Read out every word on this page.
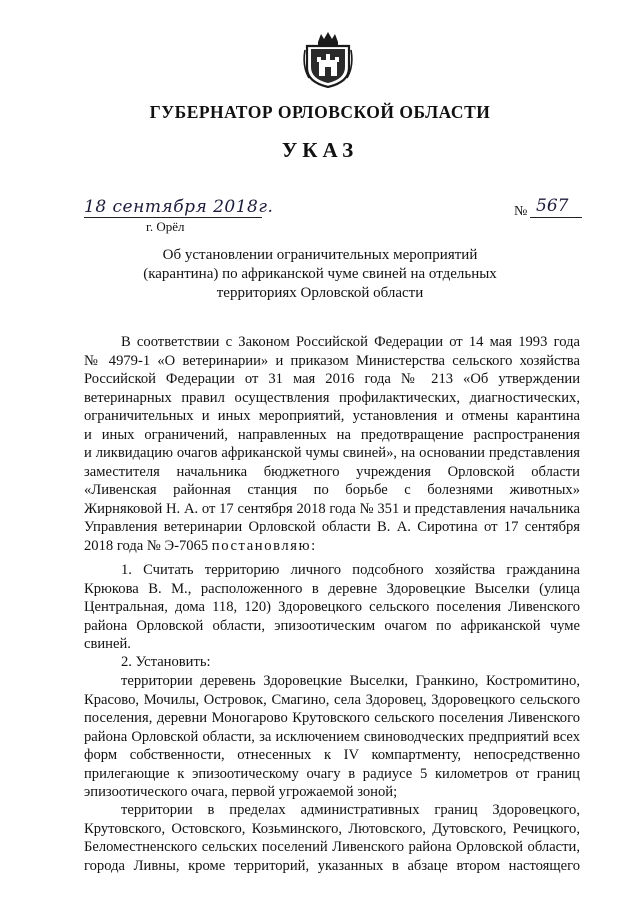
ГУБЕРНАТОР ОРЛОВСКОЙ ОБЛАСТИ
УКАЗ
18 сентября 2018г.
г. Орёл
№ 567
Об установлении ограничительных мероприятий
(карантина) по африканской чуме свиней на отдельных
территориях Орловской области
В соответствии с Законом Российской Федерации от 14 мая 1993 года
№ 4979-1 «О ветеринарии» и приказом Министерства сельского хозяйства
Российской Федерации от 31 мая 2016 года № 213 «Об утверждении
ветеринарных правил осуществления профилактических, диагностических,
ограничительных и иных мероприятий, установления и отмены карантина
и иных ограничений, направленных на предотвращение распространения
и ликвидацию очагов африканской чумы свиней», на основании представления
заместителя начальника бюджетного учреждения Орловской области
«Ливенская районная станция по борьбе с болезнями животных»
Жирняковой Н. А. от 17 сентября 2018 года № 351 и представления начальника
Управления ветеринарии Орловской области В. А. Сиротина от 17 сентября
2018 года № Э-7065 постановляю:
1. Считать территорию личного подсобного хозяйства гражданина
Крюкова В. М., расположенного в деревне Здоровецкие Выселки (улица
Центральная, дома 118, 120) Здоровецкого сельского поселения Ливенского
района Орловской области, эпизоотическим очагом по африканской чуме
свиней.
2. Установить:
территории деревень Здоровецкие Выселки, Гранкино, Костромитино,
Красово, Мочилы, Островок, Смагино, села Здоровец, Здоровецкого сельского
поселения, деревни Моногарово Крутовского сельского поселения Ливенского
района Орловской области, за исключением свиноводческих предприятий всех
форм собственности, отнесенных к IV компартменту, непосредственно
прилегающие к эпизоотическому очагу в радиусе 5 километров от границ
эпизоотического очага, первой угрожаемой зоной;
территории в пределах административных границ Здоровецкого,
Крутовского, Остовского, Козьминского, Лютовского, Дутовского, Речицкого,
Беломестненского сельских поселений Ливенского района Орловской области,
города Ливны, кроме территорий, указанных в абзаце втором настоящего
